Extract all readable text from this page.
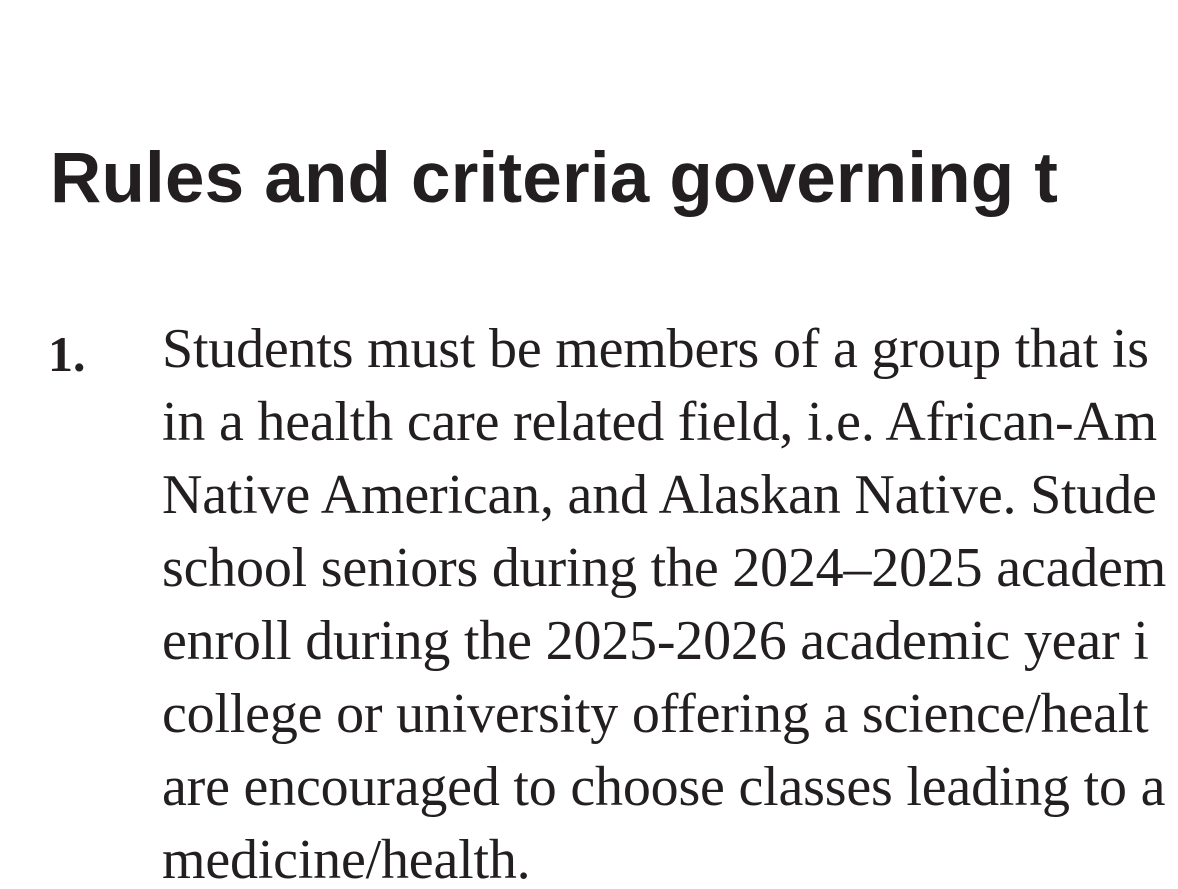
Rules and criteria governing t
1. Students must be members of a group that is
in a health care related field, i.e. African-Am
Native American, and Alaskan Native. Stude
school seniors during the 2024–2025 academ
enroll during the 2025-2026 academic year i
college or university offering a science/healt
are encouraged to choose classes leading to a
medicine/health.
